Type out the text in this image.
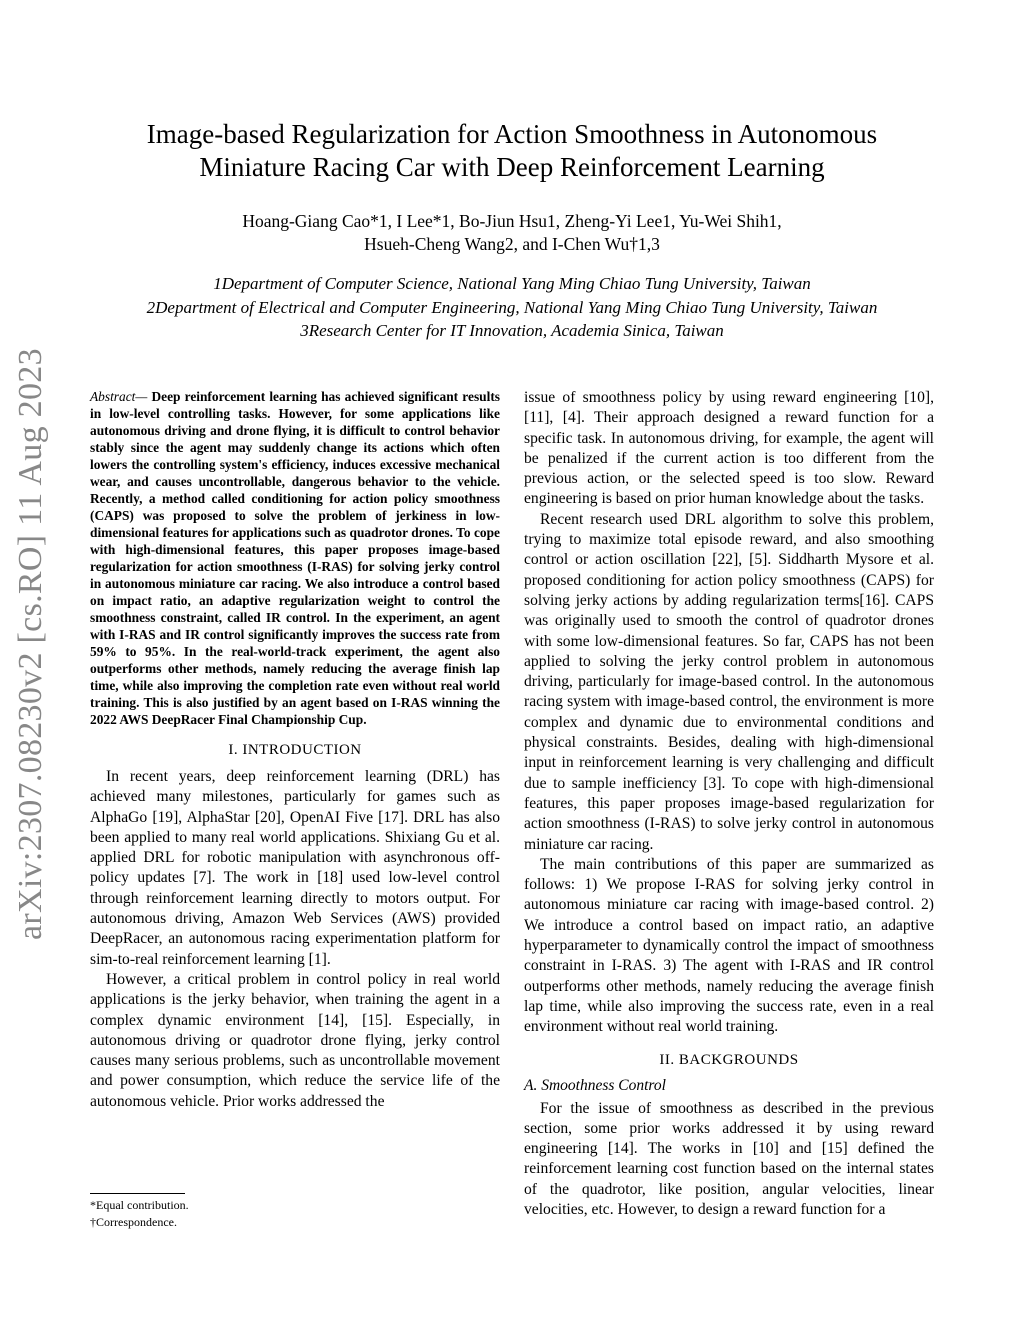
arXiv:2307.08230v2 [cs.RO] 11 Aug 2023
Image-based Regularization for Action Smoothness in Autonomous
Miniature Racing Car with Deep Reinforcement Learning
Hoang-Giang Cao*1, I Lee*1, Bo-Jiun Hsu1, Zheng-Yi Lee1, Yu-Wei Shih1,
Hsueh-Cheng Wang2, and I-Chen Wu†1,3
1Department of Computer Science, National Yang Ming Chiao Tung University, Taiwan
2Department of Electrical and Computer Engineering, National Yang Ming Chiao Tung University, Taiwan
3Research Center for IT Innovation, Academia Sinica, Taiwan

Abstract— Deep reinforcement learning has achieved significant results in low-level controlling tasks. However, for some applications like autonomous driving and drone flying, it is difficult to control behavior stably since the agent may suddenly change its actions which often lowers the controlling system's efficiency, induces excessive mechanical wear, and causes uncontrollable, dangerous behavior to the vehicle. Recently, a method called conditioning for action policy smoothness (CAPS) was proposed to solve the problem of jerkiness in low-dimensional features for applications such as quadrotor drones. To cope with high-dimensional features, this paper proposes image-based regularization for action smoothness (I-RAS) for solving jerky control in autonomous miniature car racing. We also introduce a control based on impact ratio, an adaptive regularization weight to control the smoothness constraint, called IR control. In the experiment, an agent with I-RAS and IR control significantly improves the success rate from 59% to 95%. In the real-world-track experiment, the agent also outperforms other methods, namely reducing the average finish lap time, while also improving the completion rate even without real world training. This is also justified by an agent based on I-RAS winning the 2022 AWS DeepRacer Final Championship Cup.

I. INTRODUCTION

In recent years, deep reinforcement learning (DRL) has achieved many milestones, particularly for games such as AlphaGo [19], AlphaStar [20], OpenAI Five [17]. DRL has also been applied to many real world applications. Shixiang Gu et al. applied DRL for robotic manipulation with asynchronous off-policy updates [7]. The work in [18] used low-level control through reinforcement learning directly to motors output. For autonomous driving, Amazon Web Services (AWS) provided DeepRacer, an autonomous racing experimentation platform for sim-to-real reinforcement learning [1].

However, a critical problem in control policy in real world applications is the jerky behavior, when training the agent in a complex dynamic environment [14], [15]. Especially, in autonomous driving or quadrotor drone flying, jerky control causes many serious problems, such as uncontrollable movement and power consumption, which reduce the service life of the autonomous vehicle. Prior works addressed the

issue of smoothness policy by using reward engineering [10], [11], [4]. Their approach designed a reward function for a specific task. In autonomous driving, for example, the agent will be penalized if the current action is too different from the previous action, or the selected speed is too slow. Reward engineering is based on prior human knowledge about the tasks.

Recent research used DRL algorithm to solve this problem, trying to maximize total episode reward, and also smoothing control or action oscillation [22], [5]. Siddharth Mysore et al. proposed conditioning for action policy smoothness (CAPS) for solving jerky actions by adding regularization terms[16]. CAPS was originally used to smooth the control of quadrotor drones with some low-dimensional features. So far, CAPS has not been applied to solving the jerky control problem in autonomous driving, particularly for image-based control. In the autonomous racing system with image-based control, the environment is more complex and dynamic due to environmental conditions and physical constraints. Besides, dealing with high-dimensional input in reinforcement learning is very challenging and difficult due to sample inefficiency [3]. To cope with high-dimensional features, this paper proposes image-based regularization for action smoothness (I-RAS) to solve jerky control in autonomous miniature car racing.

The main contributions of this paper are summarized as follows: 1) We propose I-RAS for solving jerky control in autonomous miniature car racing with image-based control. 2) We introduce a control based on impact ratio, an adaptive hyperparameter to dynamically control the impact of smoothness constraint in I-RAS. 3) The agent with I-RAS and IR control outperforms other methods, namely reducing the average finish lap time, while also improving the success rate, even in a real environment without real world training.

II. BACKGROUNDS
A. Smoothness Control

For the issue of smoothness as described in the previous section, some prior works addressed it by using reward engineering [14]. The works in [10] and [15] defined the reinforcement learning cost function based on the internal states of the quadrotor, like position, angular velocities, linear velocities, etc. However, to design a reward function for a

*Equal contribution.
†Correspondence.
